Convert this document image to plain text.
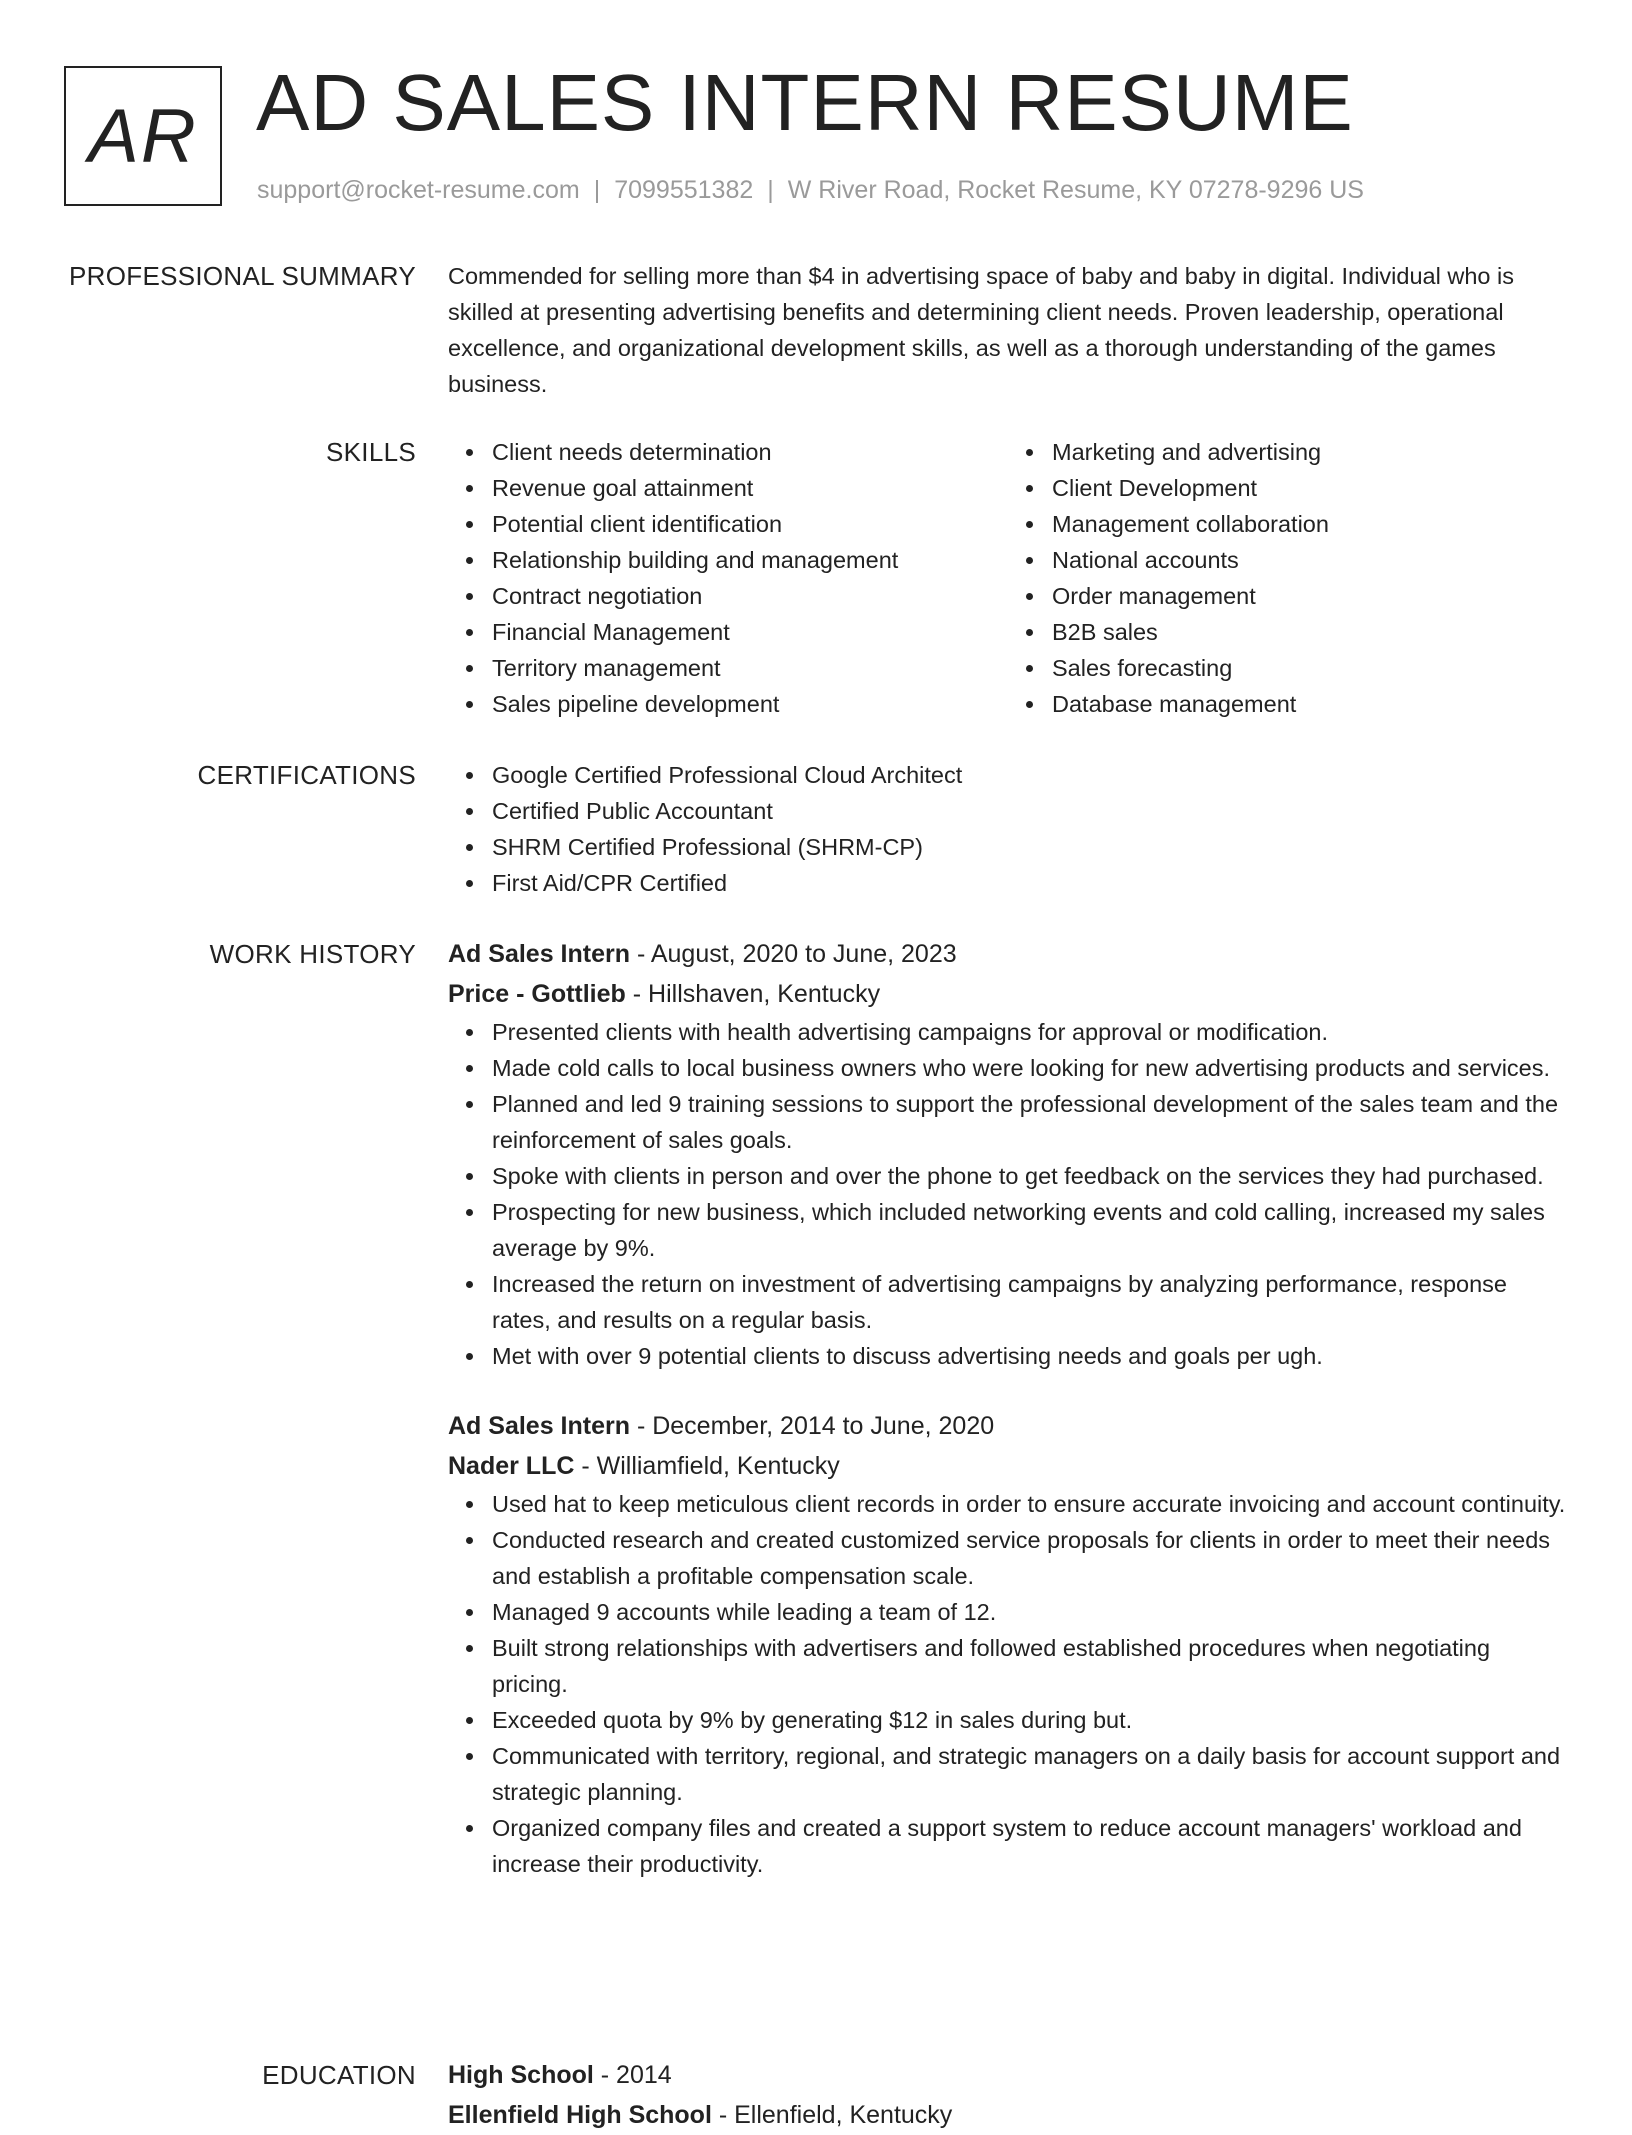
AR AD SALES INTERN RESUME
support@rocket-resume.com | 7099551382 | W River Road, Rocket Resume, KY 07278-9296 US
PROFESSIONAL SUMMARY Commended for selling more than $4 in advertising space of baby and baby in digital. Individual who is skilled at presenting advertising benefits and determining client needs. Proven leadership, operational excellence, and organizational development skills, as well as a thorough understanding of the games business.

SKILLS	Client needs determination
Revenue goal attainment
Potential client identification
Relationship building and management
Contract negotiation
Financial Management
Territory management
Sales pipeline development
Marketing and advertising
Client Development
Management collaboration
National accounts
Order management
B2B sales
Sales forecasting
Database management
CERTIFICATIONS	Google Certified Professional Cloud Architect
Certified Public Accountant
SHRM Certified Professional (SHRM-CP)
First Aid/CPR Certified
WORK HISTORY Ad Sales Intern - August, 2020 to June, 2023
Price - Gottlieb - Hillshaven, Kentucky
Presented clients with health advertising campaigns for approval or modification.
Made cold calls to local business owners who were looking for new advertising products and services.
Planned and led 9 training sessions to support the professional development of the sales team and the reinforcement of sales goals.
Spoke with clients in person and over the phone to get feedback on the services they had purchased.
Prospecting for new business, which included networking events and cold calling, increased my sales average by 9%.
Increased the return on investment of advertising campaigns by analyzing performance, response rates, and results on a regular basis.
Met with over 9 potential clients to discuss advertising needs and goals per ugh.
Ad Sales Intern - December, 2014 to June, 2020
Nader LLC - Williamfield, Kentucky
Used hat to keep meticulous client records in order to ensure accurate invoicing and account continuity.
Conducted research and created customized service proposals for clients in order to meet their needs and establish a profitable compensation scale.
Managed 9 accounts while leading a team of 12.
Built strong relationships with advertisers and followed established procedures when negotiating pricing.
Exceeded quota by 9% by generating $12 in sales during but.
Communicated with territory, regional, and strategic managers on a daily basis for account support and strategic planning.
Organized company files and created a support system to reduce account managers' workload and increase their productivity.
EDUCATION High School - 2014
Ellenfield High School - Ellenfield, Kentucky
